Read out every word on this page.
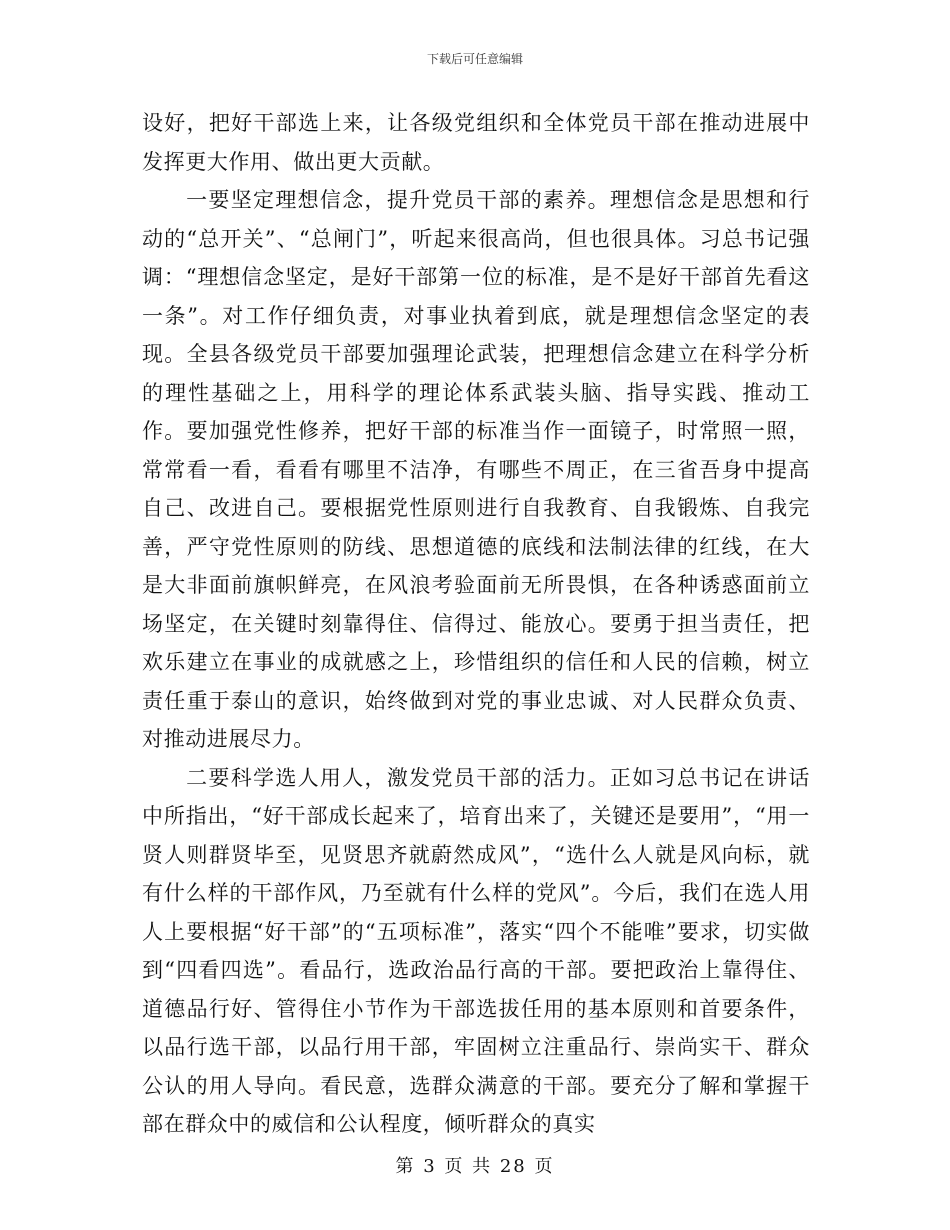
下载后可任意编辑

设好，把好干部选上来，让各级党组织和全体党员干部在推动进展中发挥更大作用、做出更大贡献。

一要坚定理想信念，提升党员干部的素养。理想信念是思想和行动的“总开关”、“总闸门”，听起来很高尚，但也很具体。习总书记强调：“理想信念坚定，是好干部第一位的标准，是不是好干部首先看这一条”。对工作仔细负责，对事业执着到底，就是理想信念坚定的表现。全县各级党员干部要加强理论武装，把理想信念建立在科学分析的理性基础之上，用科学的理论体系武装头脑、指导实践、推动工作。要加强党性修养，把好干部的标准当作一面镜子，时常照一照，常常看一看，看看有哪里不洁净，有哪些不周正，在三省吾身中提高自己、改进自己。要根据党性原则进行自我教育、自我锻炼、自我完善，严守党性原则的防线、思想道德的底线和法制法律的红线，在大是大非面前旗帜鲜亮，在风浪考验面前无所畏惧，在各种诱惑面前立场坚定，在关键时刻靠得住、信得过、能放心。要勇于担当责任，把欢乐建立在事业的成就感之上，珍惜组织的信任和人民的信赖，树立责任重于泰山的意识，始终做到对党的事业忠诚、对人民群众负责、对推动进展尽力。

二要科学选人用人，激发党员干部的活力。正如习总书记在讲话中所指出，“好干部成长起来了，培育出来了，关键还是要用”，“用一贤人则群贤毕至，见贤思齐就蔚然成风”，“选什么人就是风向标，就有什么样的干部作风，乃至就有什么样的党风”。今后，我们在选人用人上要根据“好干部”的“五项标准”，落实“四个不能唯”要求，切实做到“四看四选”。看品行，选政治品行高的干部。要把政治上靠得住、道德品行好、管得住小节作为干部选拔任用的基本原则和首要条件，以品行选干部，以品行用干部，牢固树立注重品行、崇尚实干、群众公认的用人导向。看民意，选群众满意的干部。要充分了解和掌握干部在群众中的威信和公认程度，倾听群众的真实

第 3 页 共 28 页
